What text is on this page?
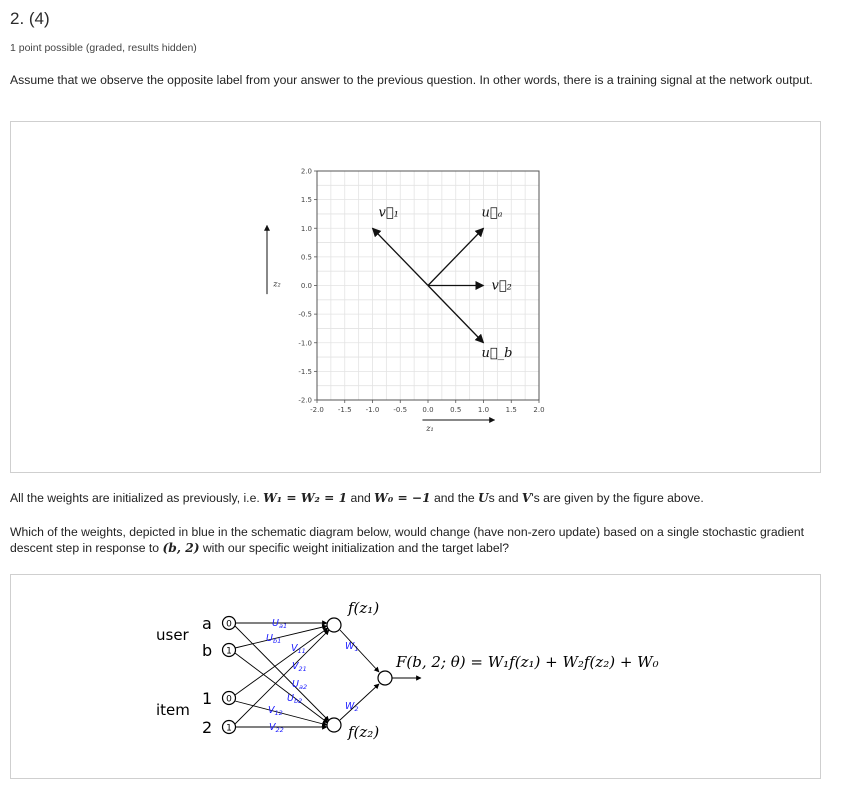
2. (4)
1 point possible (graded, results hidden)
Assume that we observe the opposite label from your answer to the previous question. In other words, there is a training signal at the network output.
-2.0 -1.5 -1.0 -0.5 0.0 0.5 1.0 1.5 2.0
2.0
1.5
1.0
0.5
0.0
-0.5
-1.0
-1.5
-2.0
z₁
z₂
v⃗₁	u⃗ₐ
v⃗₂
u⃗_b
All the weights are initialized as previously, i.e. W₁ = W₂ = 1 and W₀ = −1 and the Us and V's are given by the figure above.
Which of the weights, depicted in blue in the schematic diagram below, would change (have non-zero update) based on a single stochastic gradient descent step in response to (b, 2) with our specific weight initialization and the target label?
user
item
a
b
1
2
0
1
0
1
$U_{a1}$
$U_{b1}$
$V_{11}$
$V_{21}$
$U_{a2}$
$U_{b2}$
$V_{12}$
$V_{22}$
$W_1$
$W_2$
f(z₁)
f(z₂)
F(b, 2; θ) = W₁f(z₁) + W₂f(z₂) + W₀
